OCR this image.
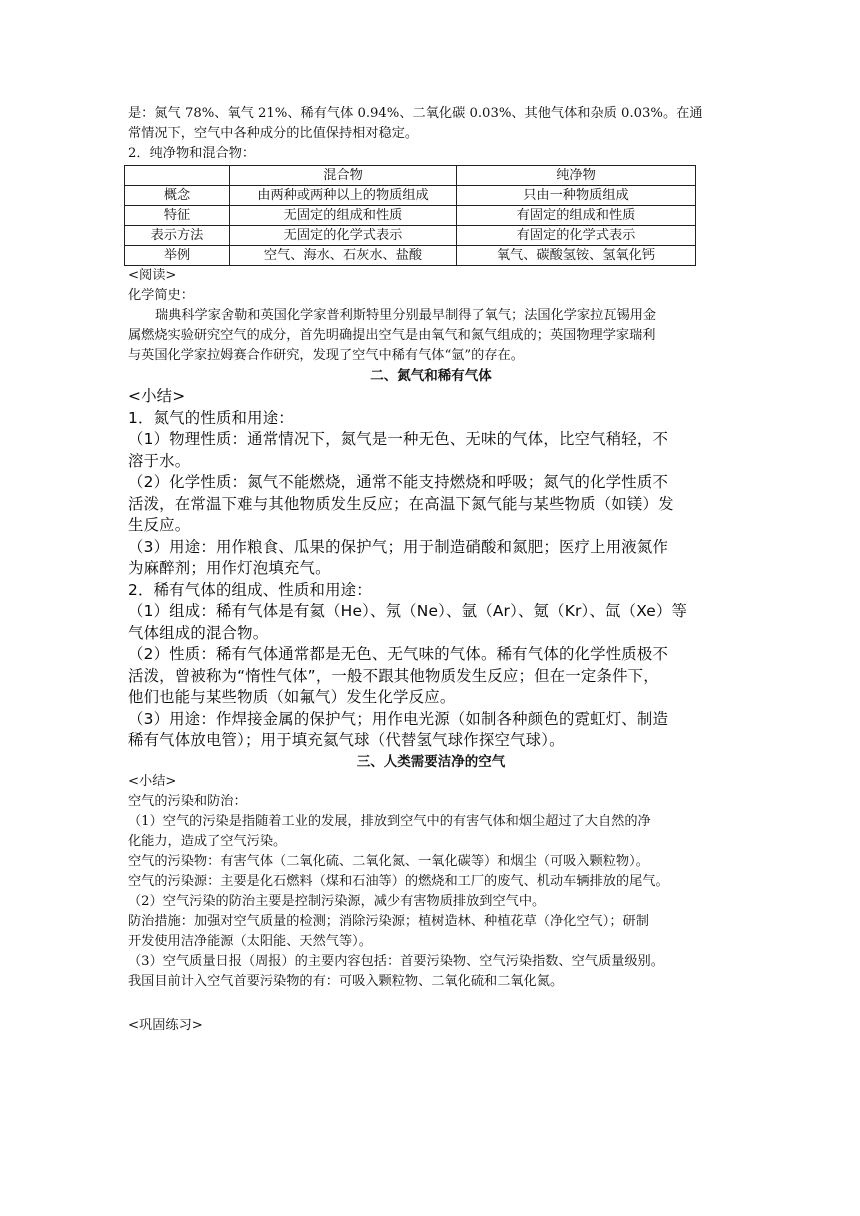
是：氮气 78%、氧气 21%、稀有气体 0.94%、二氧化碳 0.03%、其他气体和杂质 0.03%。在通

常情况下，空气中各种成分的比值保持相对稳定。

2．纯净物和混合物：

	混合物	纯净物
概念	由两种或两种以上的物质组成	只由一种物质组成
特征	无固定的组成和性质	有固定的组成和性质
表示方法	无固定的化学式表示	有固定的化学式表示
举例	空气、海水、石灰水、盐酸	氧气、碳酸氢铵、氢氧化钙

<阅读>

化学简史：

瑞典科学家舍勒和英国化学家普利斯特里分别最早制得了氧气；法国化学家拉瓦锡用金

属燃烧实验研究空气的成分，首先明确提出空气是由氧气和氮气组成的；英国物理学家瑞利

与英国化学家拉姆赛合作研究，发现了空气中稀有气体“氩”的存在。

二、氮气和稀有气体

<小结>

1．氮气的性质和用途：

（1）物理性质：通常情况下，氮气是一种无色、无味的气体，比空气稍轻，不

溶于水。

（2）化学性质：氮气不能燃烧，通常不能支持燃烧和呼吸；氮气的化学性质不

活泼，在常温下难与其他物质发生反应；在高温下氮气能与某些物质（如镁）发

生反应。

（3）用途：用作粮食、瓜果的保护气；用于制造硝酸和氮肥；医疗上用液氮作

为麻醉剂；用作灯泡填充气。

2．稀有气体的组成、性质和用途：

（1）组成：稀有气体是有氦（He）、氖（Ne）、氩（Ar）、氪（Kr）、氙（Xe）等

气体组成的混合物。

（2）性质：稀有气体通常都是无色、无气味的气体。稀有气体的化学性质极不

活泼，曾被称为“惰性气体”，一般不跟其他物质发生反应；但在一定条件下，

他们也能与某些物质（如氟气）发生化学反应。

（3）用途：作焊接金属的保护气；用作电光源（如制各种颜色的霓虹灯、制造

稀有气体放电管）；用于填充氦气球（代替氢气球作探空气球）。

三、人类需要洁净的空气

<小结>

空气的污染和防治：

（1）空气的污染是指随着工业的发展，排放到空气中的有害气体和烟尘超过了大自然的净

化能力，造成了空气污染。

空气的污染物：有害气体（二氧化硫、二氧化氮、一氧化碳等）和烟尘（可吸入颗粒物）。

空气的污染源：主要是化石燃料（煤和石油等）的燃烧和工厂的废气、机动车辆排放的尾气。

（2）空气污染的防治主要是控制污染源，减少有害物质排放到空气中。

防治措施：加强对空气质量的检测；消除污染源；植树造林、种植花草（净化空气）；研制

开发使用洁净能源（太阳能、天然气等）。

（3）空气质量日报（周报）的主要内容包括：首要污染物、空气污染指数、空气质量级别。

我国目前计入空气首要污染物的有：可吸入颗粒物、二氧化硫和二氧化氮。

<巩固练习>
